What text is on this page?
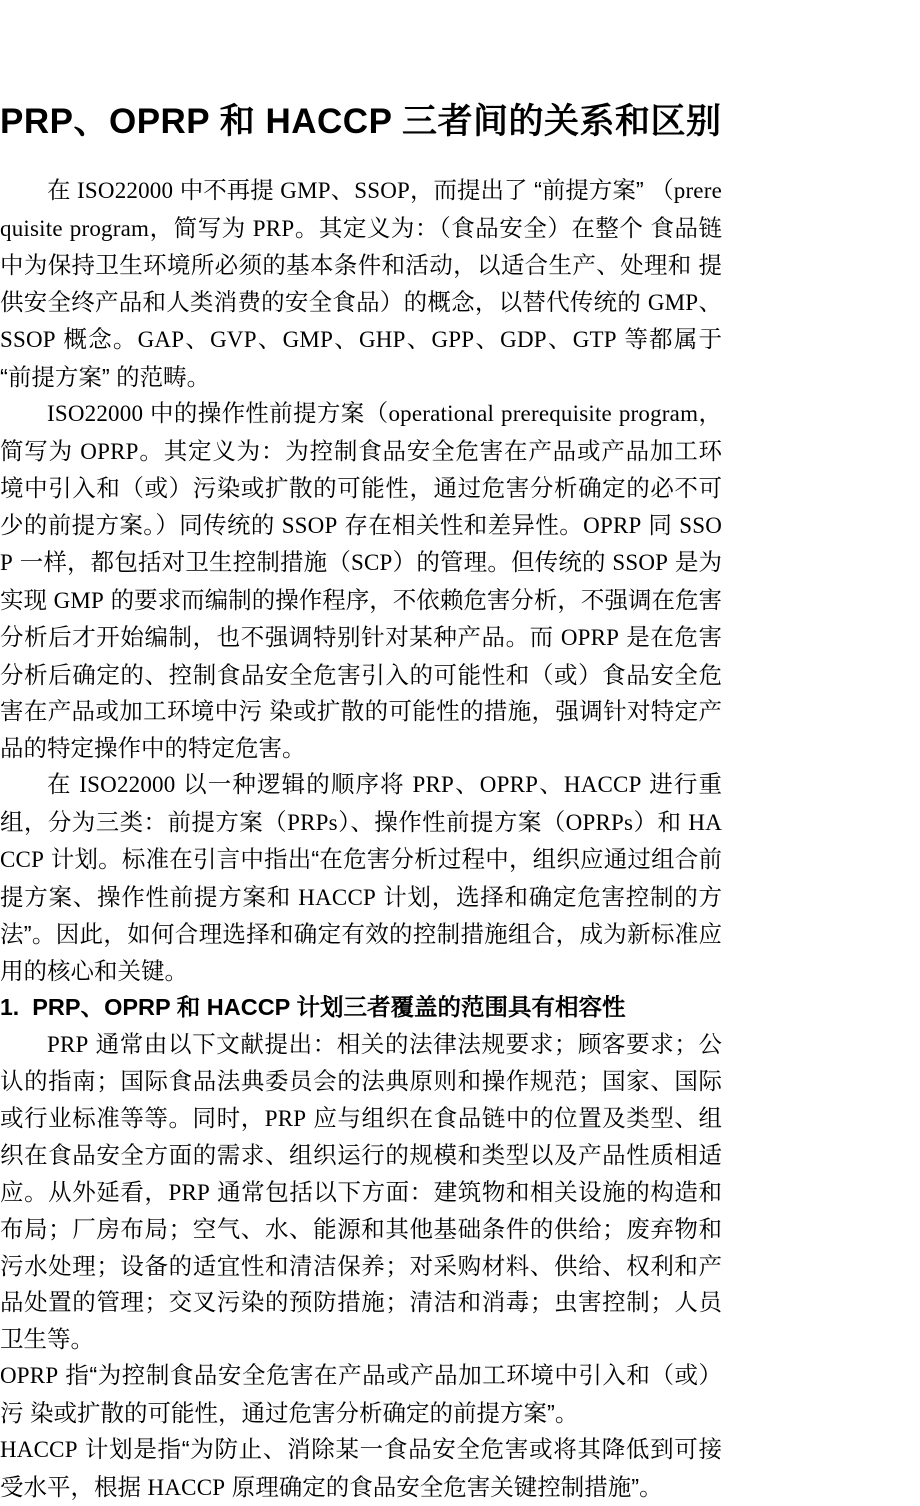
PRP、OPRP 和 HACCP 三者间的关系和区别

在 ISO22000 中不再提 GMP、SSOP，而提出了 “前提方案” （prerequisite program，简写为 PRP。其定义为：（食品安全）在整个 食品链中为保持卫生环境所必须的基本条件和活动，以适合生产、处理和 提供安全终产品和人类消费的安全食品）的概念，以替代传统的 GMP、 SSOP 概念。GAP、GVP、GMP、GHP、GPP、GDP、GTP 等都属于“前提方案” 的范畴。

ISO22000 中的操作性前提方案（operational prerequisite program，简写为 OPRP。其定义为：为控制食品安全危害在产品或产品加工环境中引入和（或）污染或扩散的可能性，通过危害分析确定的必不可少的前提方案。）同传统的 SSOP 存在相关性和差异性。OPRP 同 SSOP 一样，都包括对卫生控制措施（SCP）的管理。但传统的 SSOP 是为实现 GMP 的要求而编制的操作程序，不依赖危害分析，不强调在危害分析后才开始编制，也不强调特别针对某种产品。而 OPRP 是在危害分析后确定的、控制食品安全危害引入的可能性和（或）食品安全危害在产品或加工环境中污 染或扩散的可能性的措施，强调针对特定产品的特定操作中的特定危害。

在 ISO22000 以一种逻辑的顺序将 PRP、OPRP、HACCP 进行重组，分为三类：前提方案（PRPs）、操作性前提方案（OPRPs）和 HACCP 计划。标准在引言中指出“在危害分析过程中，组织应通过组合前提方案、操作性前提方案和 HACCP 计划，选择和确定危害控制的方法”。因此，如何合理选择和确定有效的控制措施组合，成为新标准应用的核心和关键。

1. PRP、OPRP 和 HACCP 计划三者覆盖的范围具有相容性

PRP 通常由以下文献提出：相关的法律法规要求；顾客要求；公认的指南；国际食品法典委员会的法典原则和操作规范；国家、国际或行业标准等等。同时，PRP 应与组织在食品链中的位置及类型、组织在食品安全方面的需求、组织运行的规模和类型以及产品性质相适应。从外延看，PRP 通常包括以下方面：建筑物和相关设施的构造和布局；厂房布局；空气、水、能源和其他基础条件的供给；废弃物和污水处理；设备的适宜性和清洁保养；对采购材料、供给、权利和产品处置的管理；交叉污染的预防措施；清洁和消毒；虫害控制；人员卫生等。

OPRP 指“为控制食品安全危害在产品或产品加工环境中引入和（或）污 染或扩散的可能性，通过危害分析确定的前提方案”。

HACCP 计划是指“为防止、消除某一食品安全危害或将其降低到可接受水平，根据 HACCP 原理确定的食品安全危害关键控制措施”。
